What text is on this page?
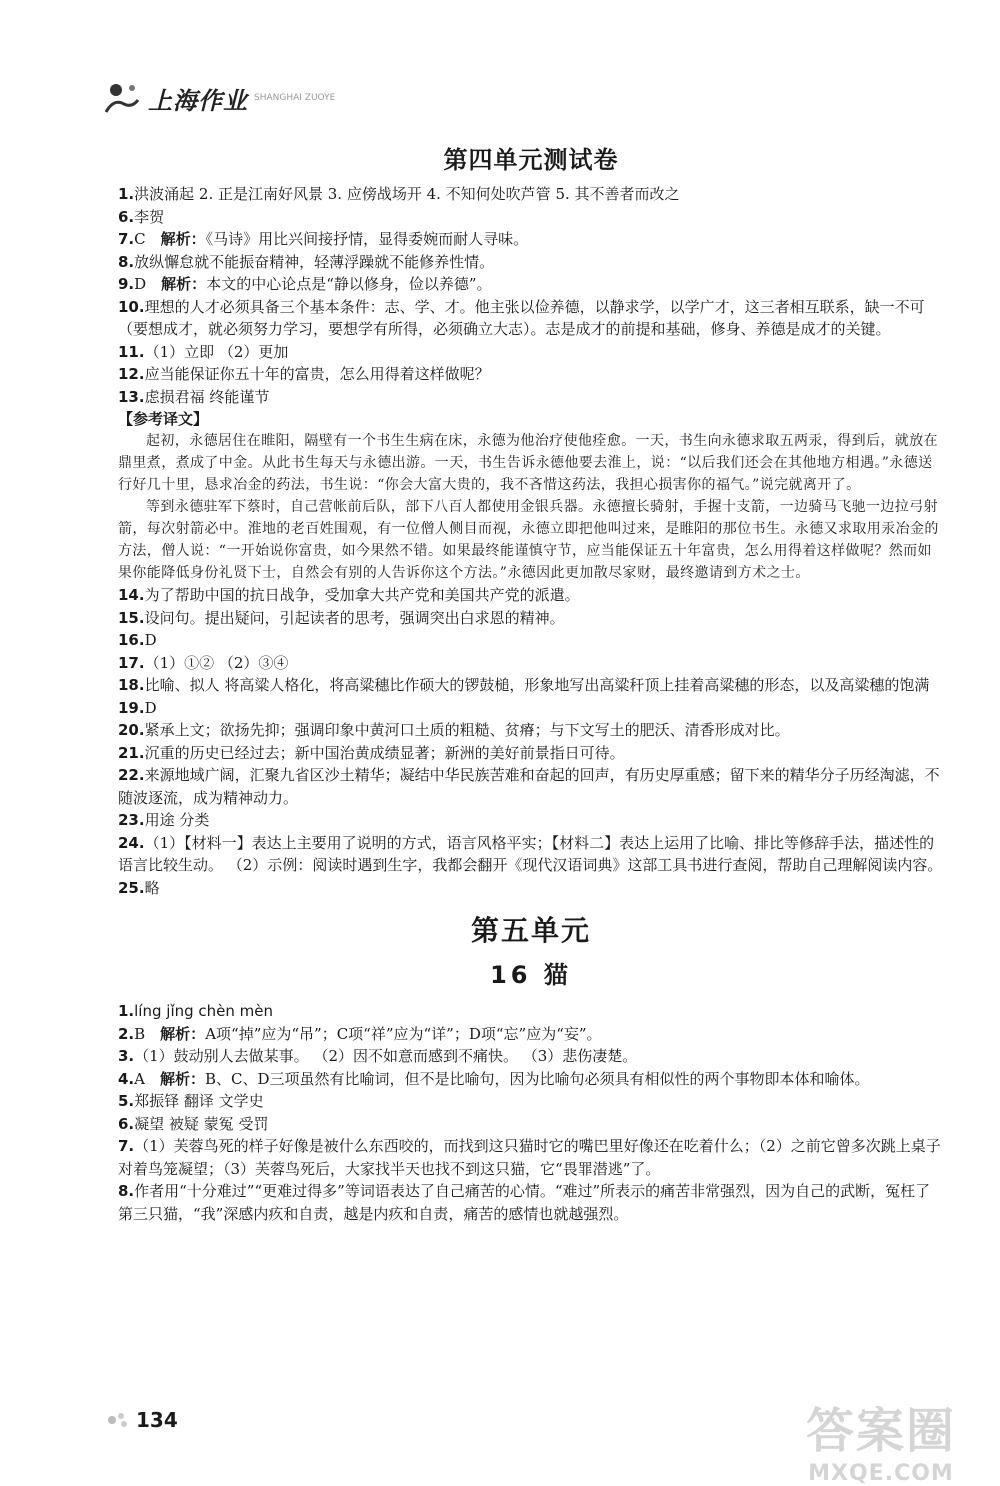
上海作业 SHANGHAI ZUOYE
第四单元测试卷

1.洪波涌起 2. 正是江南好风景 3. 应傍战场开 4. 不知何处吹芦管 5. 其不善者而改之

6.李贺

7.C  解析：《马诗》用比兴间接抒情，显得委婉而耐人寻味。

8.放纵懈怠就不能振奋精神，轻薄浮躁就不能修养性情。

9.D  解析：本文的中心论点是“静以修身，俭以养德”。

10.理想的人才必须具备三个基本条件：志、学、才。他主张以俭养德，以静求学，以学广才，这三者相互联系，缺一不可（要想成才，就必须努力学习，要想学有所得，必须确立大志）。志是成才的前提和基础，修身、养德是成才的关键。

11.（1）立即 （2）更加

12.应当能保证你五十年的富贵，怎么用得着这样做呢？

13.虑损君福 终能谨节

【参考译文】

起初，永德居住在睢阳，隔壁有一个书生生病在床，永德为他治疗使他痊愈。一天，书生向永德求取五两汞，得到后，就放在鼎里煮，煮成了中金。从此书生每天与永德出游。一天，书生告诉永德他要去淮上，说：“以后我们还会在其他地方相遇。”永德送行好几十里，恳求冶金的药法，书生说：“你会大富大贵的，我不吝惜这药法，我担心损害你的福气。”说完就离开了。

等到永德驻军下蔡时，自己营帐前后队，部下八百人都使用金银兵器。永德擅长骑射，手握十支箭，一边骑马飞驰一边拉弓射箭，每次射箭必中。淮地的老百姓围观，有一位僧人侧目而视，永德立即把他叫过来，是睢阳的那位书生。永德又求取用汞冶金的方法，僧人说：“一开始说你富贵，如今果然不错。如果最终能谨慎守节，应当能保证五十年富贵，怎么用得着这样做呢？然而如果你能降低身份礼贤下士，自然会有别的人告诉你这个方法。”永德因此更加散尽家财，最终邀请到方术之士。

14.为了帮助中国的抗日战争，受加拿大共产党和美国共产党的派遣。

15.设问句。提出疑问，引起读者的思考，强调突出白求恩的精神。

16.D

17.（1）①② （2）③④

18.比喻、拟人 将高粱人格化，将高粱穗比作硕大的锣鼓槌，形象地写出高粱秆顶上挂着高粱穗的形态，以及高粱穗的饱满

19.D

20.紧承上文；欲扬先抑；强调印象中黄河口土质的粗糙、贫瘠；与下文写土的肥沃、清香形成对比。

21.沉重的历史已经过去；新中国治黄成绩显著；新洲的美好前景指日可待。

22.来源地域广阔，汇聚九省区沙土精华；凝结中华民族苦难和奋起的回声，有历史厚重感；留下来的精华分子历经淘滤，不随波逐流，成为精神动力。

23.用途 分类

24.（1）【材料一】表达上主要用了说明的方式，语言风格平实；【材料二】表达上运用了比喻、排比等修辞手法，描述性的语言比较生动。 （2）示例：阅读时遇到生字，我都会翻开《现代汉语词典》这部工具书进行查阅，帮助自己理解阅读内容。

25.略

第五单元
16 猫

1.líng jǐng chèn mèn

2.B  解析：A项“掉”应为“吊”；C项“祥”应为“详”；D项“忘”应为“妄”。

3.（1）鼓动别人去做某事。 （2）因不如意而感到不痛快。 （3）悲伤凄楚。

4.A  解析：B、C、D三项虽然有比喻词，但不是比喻句，因为比喻句必须具有相似性的两个事物即本体和喻体。

5.郑振铎 翻译 文学史

6.凝望 被疑 蒙冤 受罚

7.（1）芙蓉鸟死的样子好像是被什么东西咬的，而找到这只猫时它的嘴巴里好像还在吃着什么；（2）之前它曾多次跳上桌子对着鸟笼凝望；（3）芙蓉鸟死后，大家找半天也找不到这只猫，它“畏罪潜逃”了。

8.作者用“十分难过”“更难过得多”等词语表达了自己痛苦的心情。“难过”所表示的痛苦非常强烈，因为自己的武断，冤枉了第三只猫，“我”深感内疚和自责，越是内疚和自责，痛苦的感情也就越强烈。

134	答案圈
MXQE.COM
